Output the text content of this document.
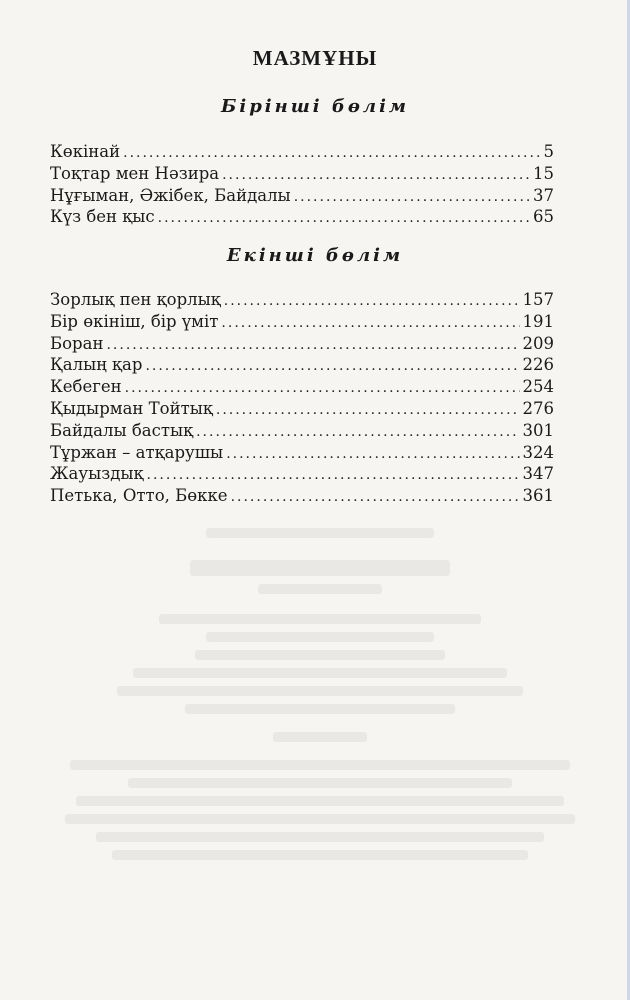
МАЗМҰНЫ
Бірінші бөлім
Көкінай .....	5
Тоқтар мен Нәзира .....	15
Нұғыман, Әжібек, Байдалы .....	37
Күз бен қыс .....	65
Екінші бөлім
Зорлық пен қорлық .....	157
Бір өкініш, бір үміт .....	191
Боран .....	209
Қалың қар .....	226
Кебеген .....	254
Қыдырман Тойтық .....	276
Байдалы бастық .....	301
Тұржан – атқарушы .....	324
Жауыздық .....	347
Петька, Отто, Бөкке .....	361
